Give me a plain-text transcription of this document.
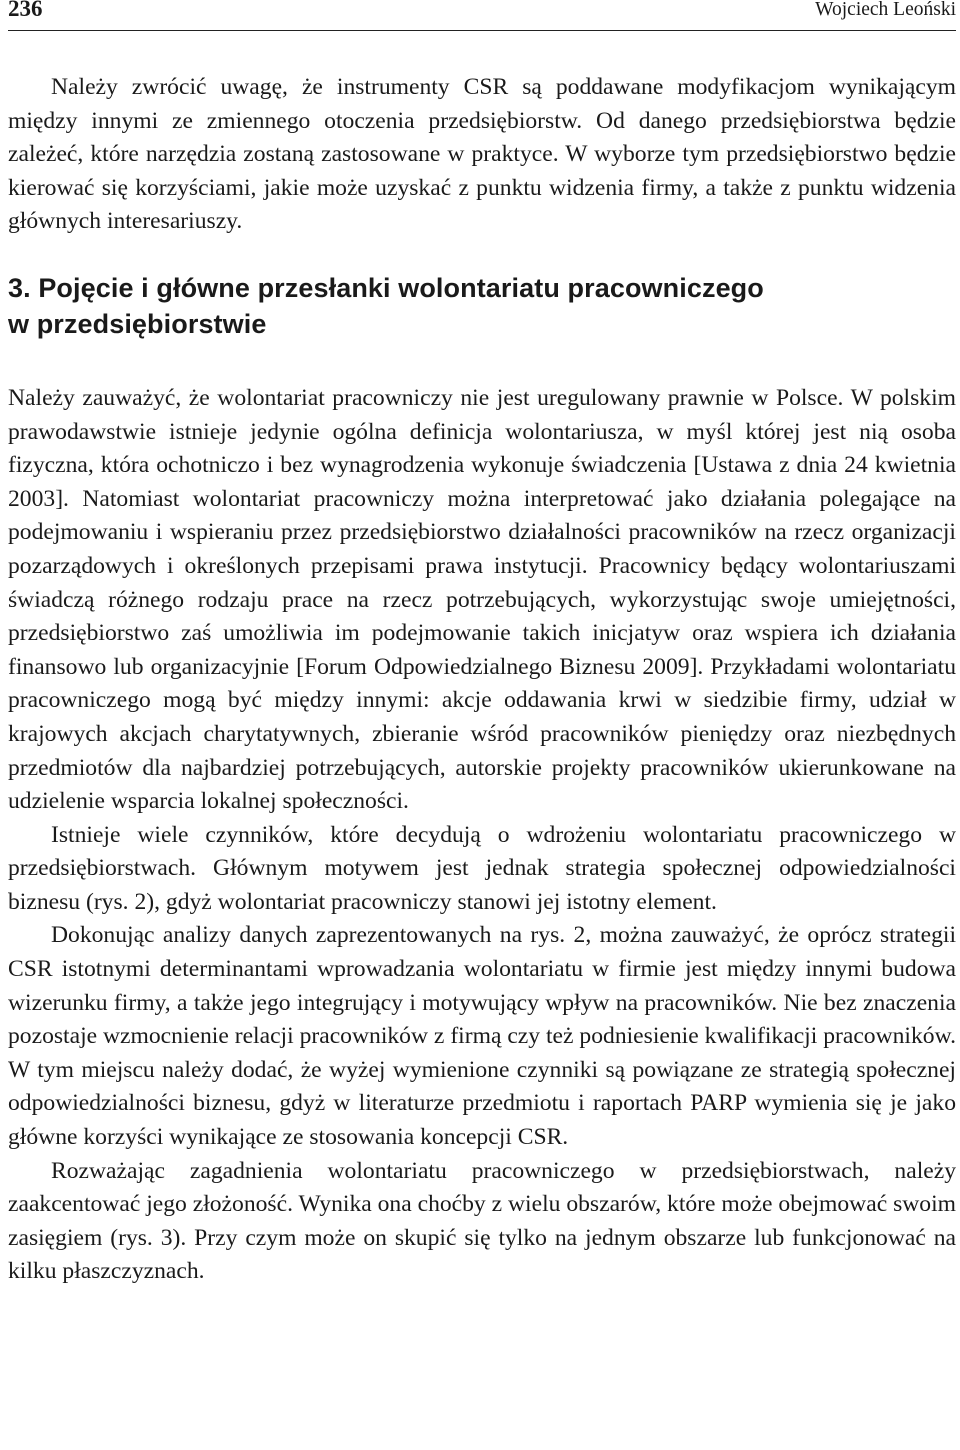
236	Wojciech Leoński

Należy zwrócić uwagę, że instrumenty CSR są poddawane modyfikacjom wynikającym między innymi ze zmiennego otoczenia przedsiębiorstw. Od danego przedsiębiorstwa będzie zależeć, które narzędzia zostaną zastosowane w praktyce. W wyborze tym przedsiębiorstwo będzie kierować się korzyściami, jakie może uzyskać z punktu widzenia firmy, a także z punktu widzenia głównych interesariuszy.

3. Pojęcie i główne przesłanki wolontariatu pracowniczego
w przedsiębiorstwie

Należy zauważyć, że wolontariat pracowniczy nie jest uregulowany prawnie w Polsce. W polskim prawodawstwie istnieje jedynie ogólna definicja wolontariusza, w myśl której jest nią osoba fizyczna, która ochotniczo i bez wynagrodzenia wykonuje świadczenia [Ustawa z dnia 24 kwietnia 2003]. Natomiast wolontariat pracowniczy można interpretować jako działania polegające na podejmowaniu i wspieraniu przez przedsiębiorstwo działalności pracowników na rzecz organizacji pozarządowych i określonych przepisami prawa instytucji. Pracownicy będący wolontariuszami świadczą różnego rodzaju prace na rzecz potrzebujących, wykorzystując swoje umiejętności, przedsiębiorstwo zaś umożliwia im podejmowanie takich inicjatyw oraz wspiera ich działania finansowo lub organizacyjnie [Forum Odpowiedzialnego Biznesu 2009]. Przykładami wolontariatu pracowniczego mogą być między innymi: akcje oddawania krwi w siedzibie firmy, udział w krajowych akcjach charytatywnych, zbieranie wśród pracowników pieniędzy oraz niezbędnych przedmiotów dla najbardziej potrzebujących, autorskie projekty pracowników ukierunkowane na udzielenie wsparcia lokalnej społeczności.

Istnieje wiele czynników, które decydują o wdrożeniu wolontariatu pracowniczego w przedsiębiorstwach. Głównym motywem jest jednak strategia społecznej odpowiedzialności biznesu (rys. 2), gdyż wolontariat pracowniczy stanowi jej istotny element.

Dokonując analizy danych zaprezentowanych na rys. 2, można zauważyć, że oprócz strategii CSR istotnymi determinantami wprowadzania wolontariatu w firmie jest między innymi budowa wizerunku firmy, a także jego integrujący i motywujący wpływ na pracowników. Nie bez znaczenia pozostaje wzmocnienie relacji pracowników z firmą czy też podniesienie kwalifikacji pracowników. W tym miejscu należy dodać, że wyżej wymienione czynniki są powiązane ze strategią społecznej odpowiedzialności biznesu, gdyż w literaturze przedmiotu i raportach PARP wymienia się je jako główne korzyści wynikające ze stosowania koncepcji CSR.

Rozważając zagadnienia wolontariatu pracowniczego w przedsiębiorstwach, należy zaakcentować jego złożoność. Wynika ona choćby z wielu obszarów, które może obejmować swoim zasięgiem (rys. 3). Przy czym może on skupić się tylko na jednym obszarze lub funkcjonować na kilku płaszczyznach.
